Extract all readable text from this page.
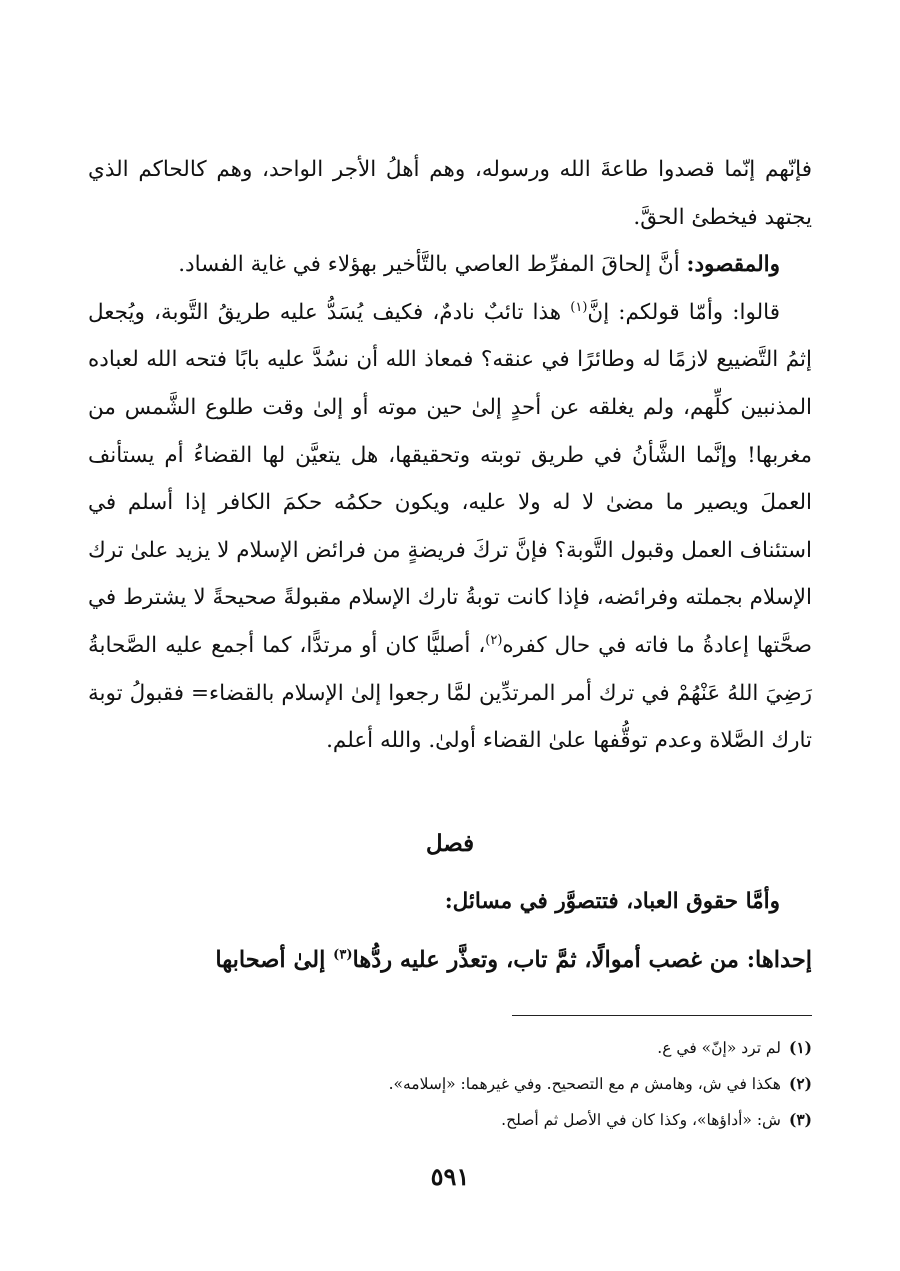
فإنّهم إنّما قصدوا طاعةَ الله ورسوله، وهم أهلُ الأجر الواحد، وهم كالحاكم الذي يجتهد فيخطئ الحقَّ.

والمقصود: أنَّ إلحاقَ المفرِّط العاصي بالتَّأخير بهؤلاء في غاية الفساد.

قالوا: وأمّا قولكم: إنَّ$^{(١)}$ هذا تائبٌ نادمٌ، فكيف يُسَدُّ عليه طريقُ التَّوبة، ويُجعل إثمُ التَّضييع لازمًا له وطائرًا في عنقه؟ فمعاذ الله أن نسُدَّ عليه بابًا فتحه الله لعباده المذنبين كلِّهم، ولم يغلقه عن أحدٍ إلىٰ حين موته أو إلىٰ وقت طلوع الشَّمس من مغربها! وإنَّما الشَّأنُ في طريق توبته وتحقيقها، هل يتعيَّن لها القضاءُ أم يستأنف العملَ ويصير ما مضىٰ لا له ولا عليه، ويكون حكمُه حكمَ الكافر إذا أسلم في استئناف العمل وقبول التَّوبة؟ فإنَّ تركَ فريضةٍ من فرائض الإسلام لا يزيد علىٰ ترك الإسلام بجملته وفرائضه، فإذا كانت توبةُ تارك الإسلام مقبولةً صحيحةً لا يشترط في صحَّتها إعادةُ ما فاته في حال كفره$^{(٢)}$، أصليًّا كان أو مرتدًّا، كما أجمع عليه الصَّحابةُ رَضِيَ اللهُ عَنْهُمْ في ترك أمر المرتدِّين لمَّا رجعوا إلىٰ الإسلام بالقضاء= فقبولُ توبة تارك الصَّلاة وعدم توقُّفها علىٰ القضاء أولىٰ. والله أعلم.

فصل
وأمَّا حقوق العباد، فتتصوَّر في مسائل:
إحداها: من غصب أموالًا، ثمَّ تاب، وتعذَّر عليه ردُّها$^{(٣)}$ إلىٰ أصحابها
(١)لم ترد «إنّ» في ع.
(٢)هكذا في ش، وهامش م مع التصحيح. وفي غيرهما: «إسلامه».
(٣)ش: «أداؤها»، وكذا كان في الأصل ثم أصلح.
٥٩١
